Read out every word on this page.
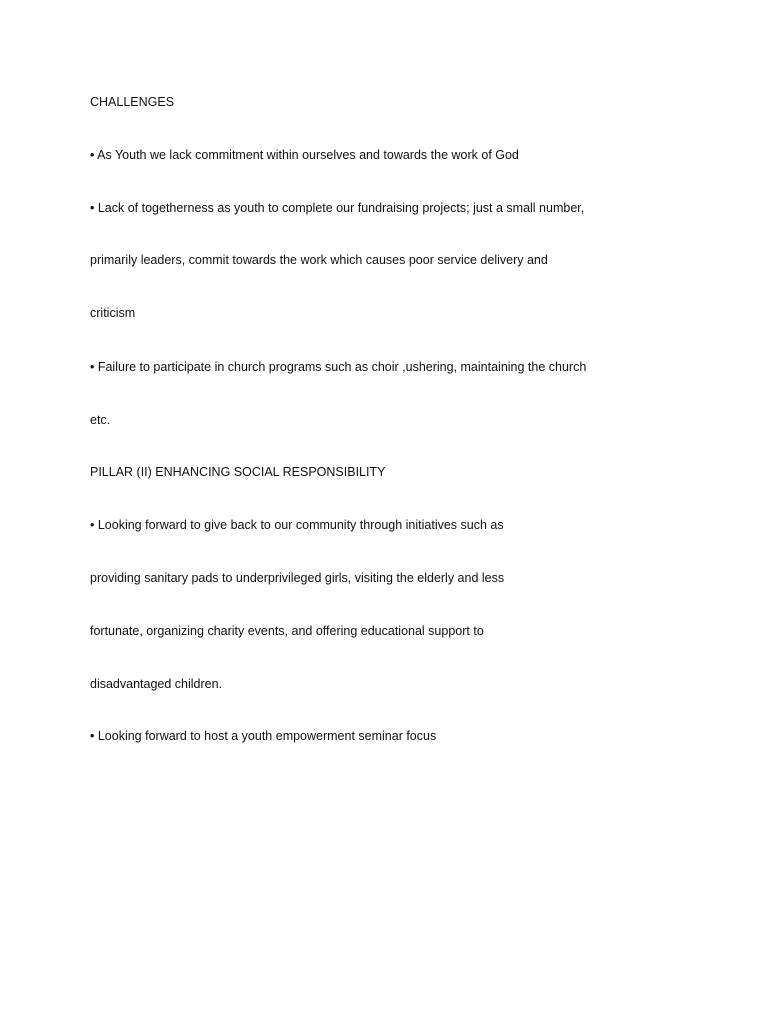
CHALLENGES
• As Youth we lack commitment within ourselves and towards the work of God
• Lack of togetherness as youth to complete our fundraising projects; just a small number,
primarily leaders, commit towards the work which causes poor service delivery and
criticism
• Failure to participate in church programs such as choir ,ushering, maintaining the church
etc.
PILLAR (II) ENHANCING SOCIAL RESPONSIBILITY
• Looking forward to give back to our community through initiatives such as
providing sanitary pads to underprivileged girls, visiting the elderly and less
fortunate, organizing charity events, and offering educational support to
disadvantaged children.
• Looking forward to host a youth empowerment seminar focus
